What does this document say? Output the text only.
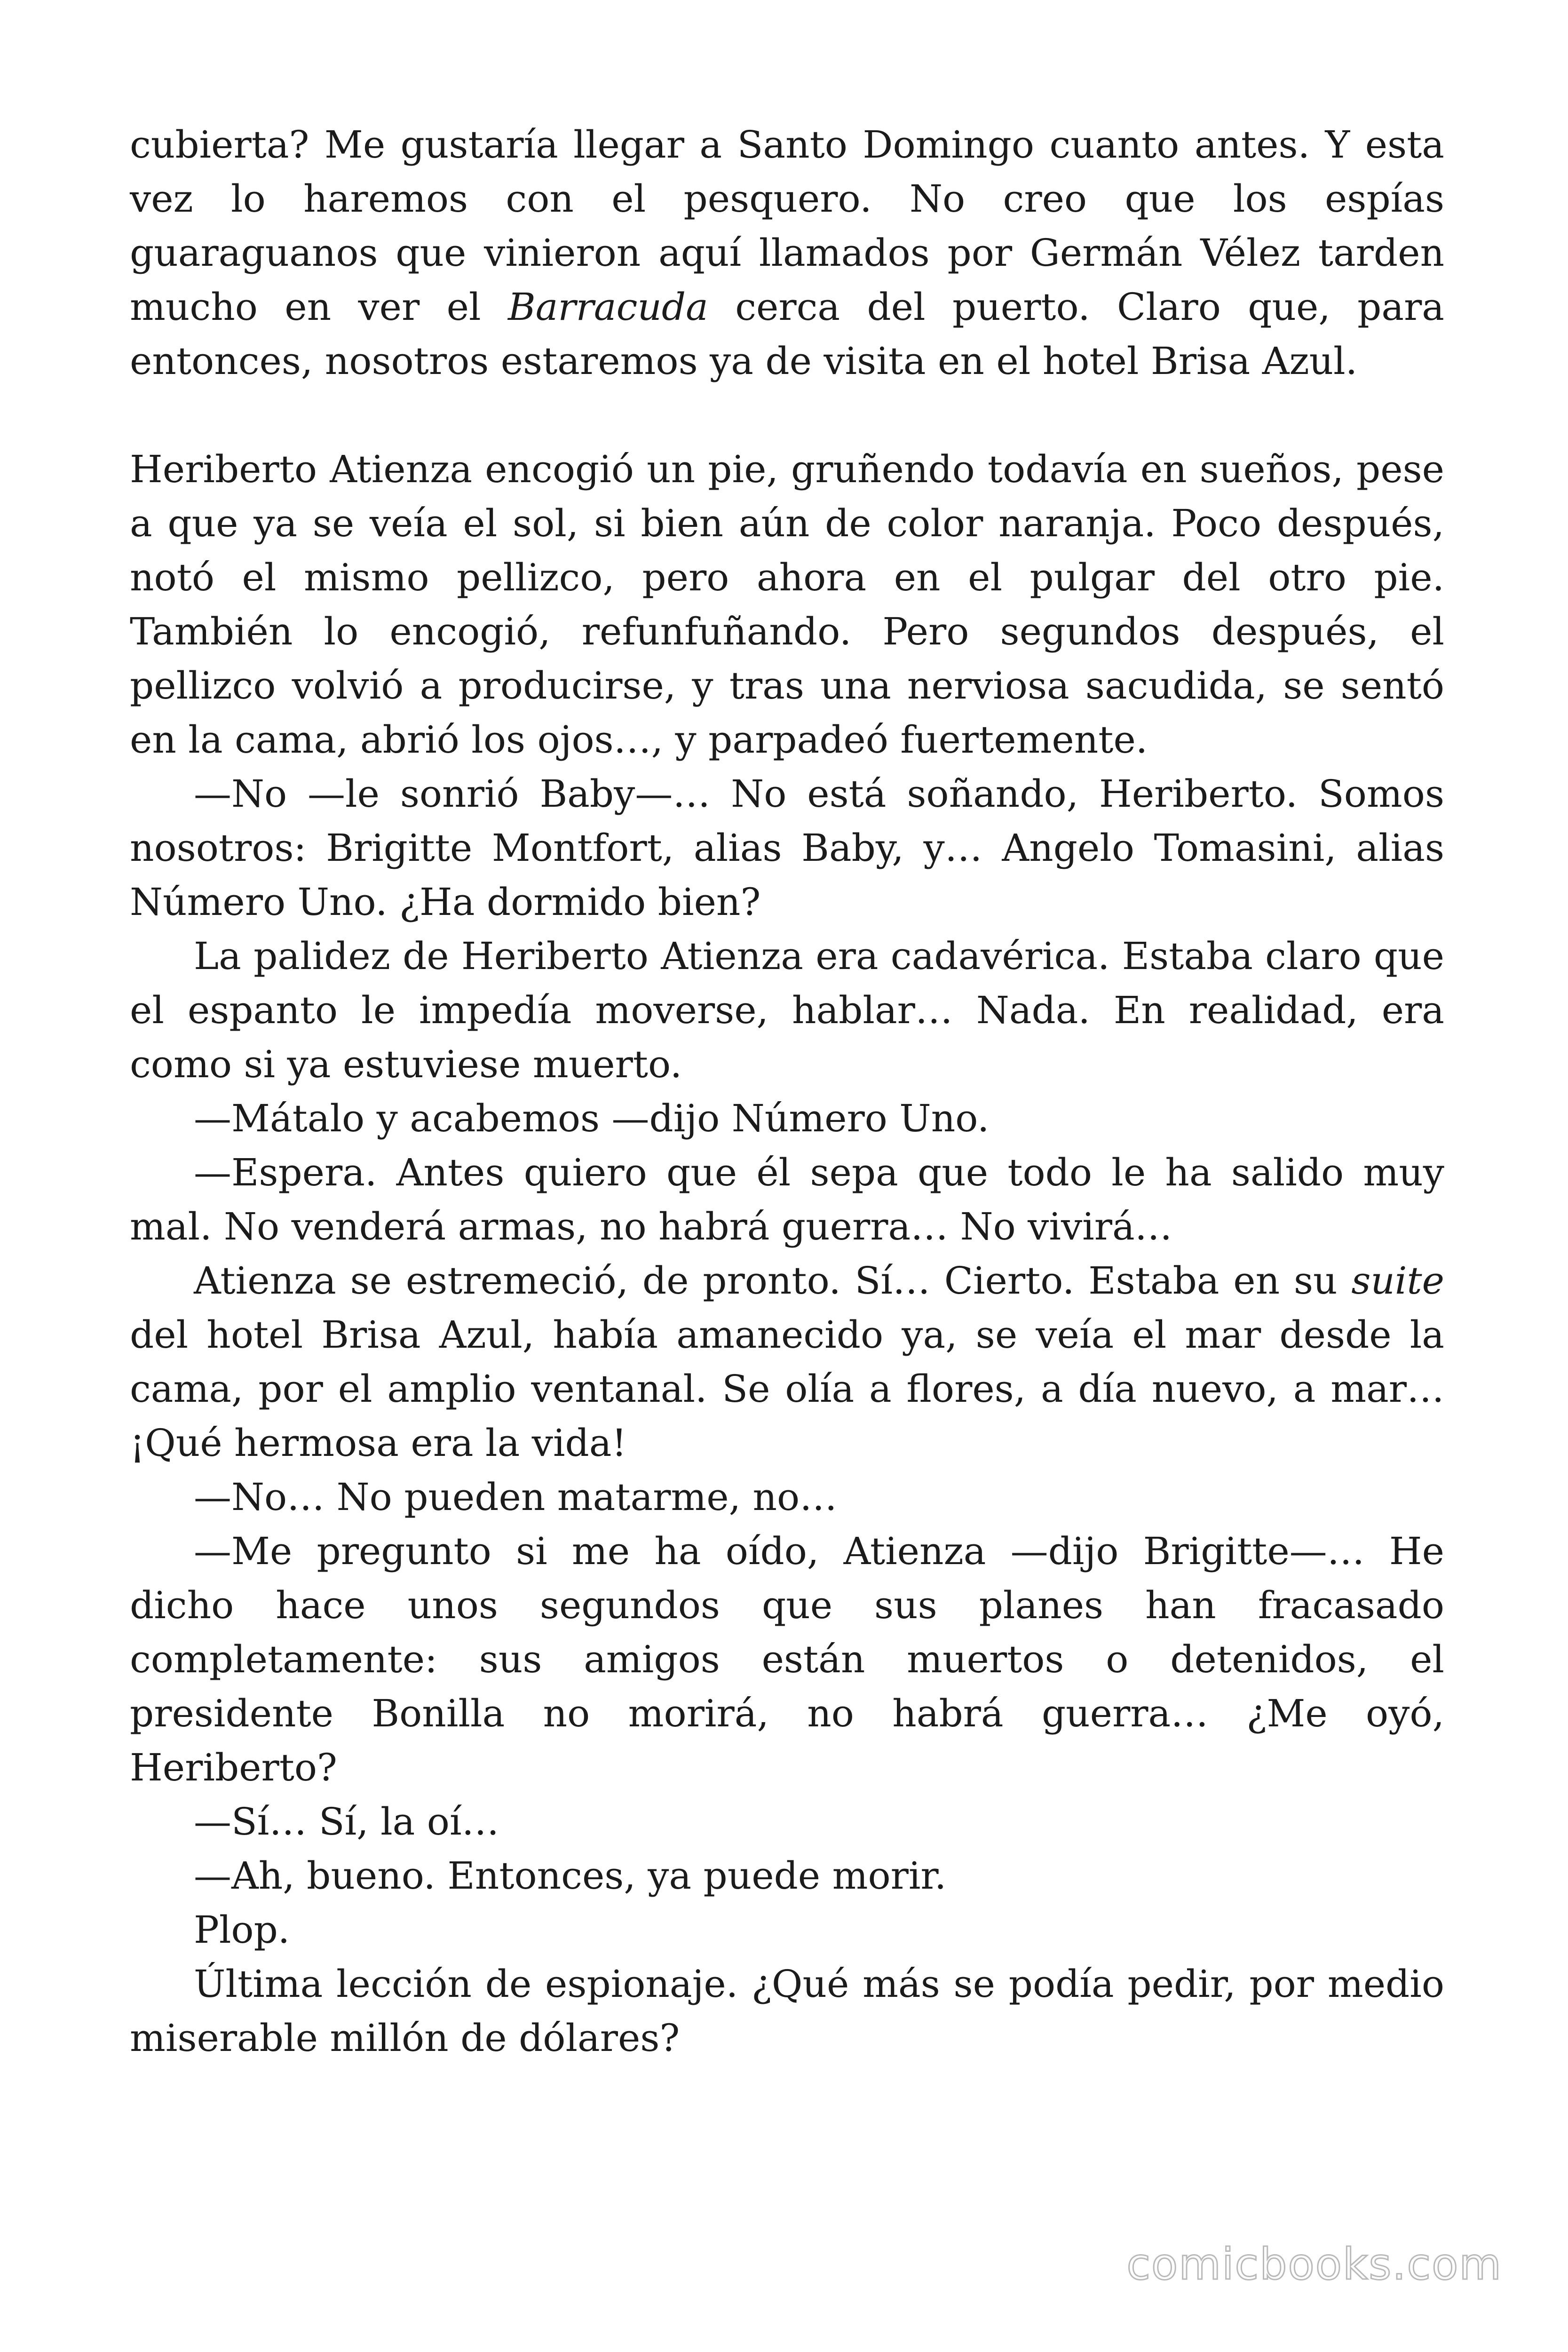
cubierta? Me gustaría llegar a Santo Domingo cuanto antes. Y esta vez lo haremos con el pesquero. No creo que los espías guaraguanos que vinieron aquí llamados por Germán Vélez tarden mucho en ver el Barracuda cerca del puerto. Claro que, para entonces, nosotros estaremos ya de visita en el hotel Brisa Azul.

Heriberto Atienza encogió un pie, gruñendo todavía en sueños, pese a que ya se veía el sol, si bien aún de color naranja. Poco después, notó el mismo pellizco, pero ahora en el pulgar del otro pie. También lo encogió, refunfuñando. Pero segundos después, el pellizco volvió a producirse, y tras una nerviosa sacudida, se sentó en la cama, abrió los ojos…, y parpadeó fuertemente.

—No —le sonrió Baby—… No está soñando, Heriberto. Somos nosotros: Brigitte Montfort, alias Baby, y… Angelo Tomasini, alias Número Uno. ¿Ha dormido bien?

La palidez de Heriberto Atienza era cadavérica. Estaba claro que el espanto le impedía moverse, hablar… Nada. En realidad, era como si ya estuviese muerto.

—Mátalo y acabemos —dijo Número Uno.

—Espera. Antes quiero que él sepa que todo le ha salido muy mal. No venderá armas, no habrá guerra… No vivirá…

Atienza se estremeció, de pronto. Sí… Cierto. Estaba en su suite del hotel Brisa Azul, había amanecido ya, se veía el mar desde la cama, por el amplio ventanal. Se olía a flores, a día nuevo, a mar… ¡Qué hermosa era la vida!

—No… No pueden matarme, no…

—Me pregunto si me ha oído, Atienza —dijo Brigitte—… He dicho hace unos segundos que sus planes han fracasado completamente: sus amigos están muertos o detenidos, el presidente Bonilla no morirá, no habrá guerra… ¿Me oyó, Heriberto?

—Sí… Sí, la oí…

—Ah, bueno. Entonces, ya puede morir.

Plop.

Última lección de espionaje. ¿Qué más se podía pedir, por medio miserable millón de dólares?

comicbooks.com
